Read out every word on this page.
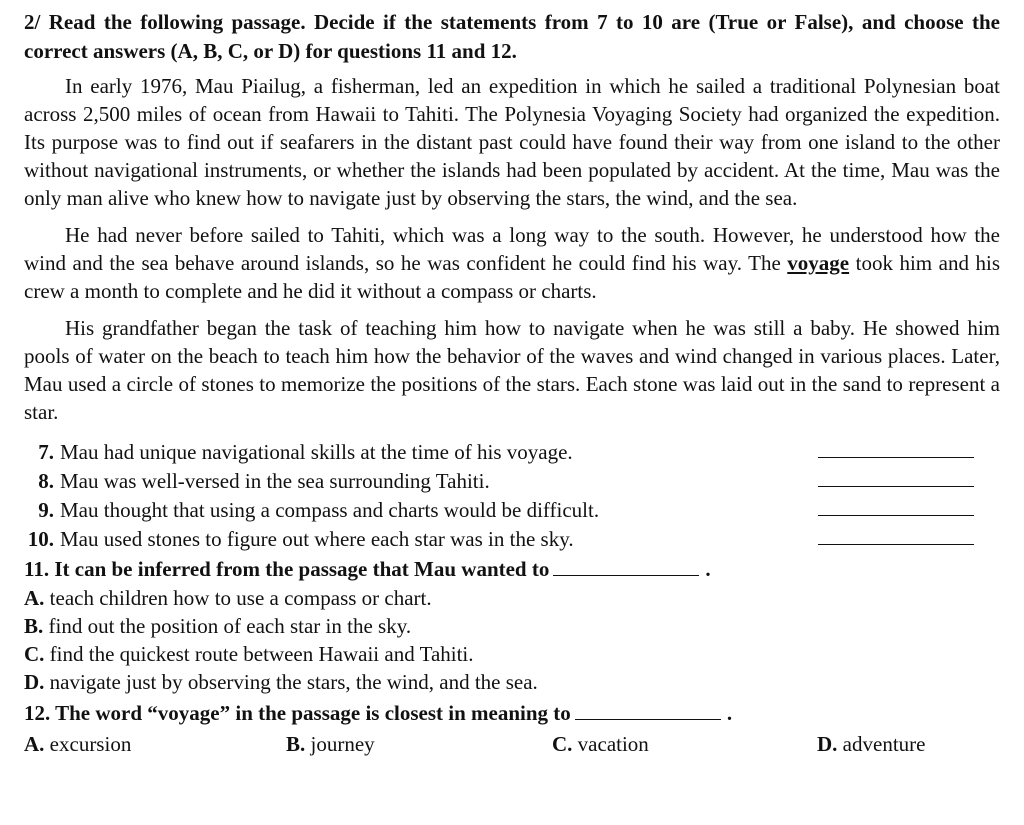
2/ Read the following passage. Decide if the statements from 7 to 10 are (True or False), and choose the correct answers (A, B, C, or D) for questions 11 and 12.

In early 1976, Mau Piailug, a fisherman, led an expedition in which he sailed a traditional Polynesian boat across 2,500 miles of ocean from Hawaii to Tahiti. The Polynesia Voyaging Society had organized the expedition. Its purpose was to find out if seafarers in the distant past could have found their way from one island to the other without navigational instruments, or whether the islands had been populated by accident. At the time, Mau was the only man alive who knew how to navigate just by observing the stars, the wind, and the sea.

He had never before sailed to Tahiti, which was a long way to the south. However, he understood how the wind and the sea behave around islands, so he was confident he could find his way. The voyage took him and his crew a month to complete and he did it without a compass or charts.

His grandfather began the task of teaching him how to navigate when he was still a baby. He showed him pools of water on the beach to teach him how the behavior of the waves and wind changed in various places. Later, Mau used a circle of stones to memorize the positions of the stars. Each stone was laid out in the sand to represent a star.

7. Mau had unique navigational skills at the time of his voyage.
8. Mau was well-versed in the sea surrounding Tahiti.
9. Mau thought that using a compass and charts would be difficult.
10. Mau used stones to figure out where each star was in the sky.
11. It can be inferred from the passage that Mau wanted to	.
A. teach children how to use a compass or chart.
B. find out the position of each star in the sky.
C. find the quickest route between Hawaii and Tahiti.
D. navigate just by observing the stars, the wind, and the sea.
12. The word “voyage” in the passage is closest in meaning to	.
A. excursion	B. journey	C. vacation	D. adventure
